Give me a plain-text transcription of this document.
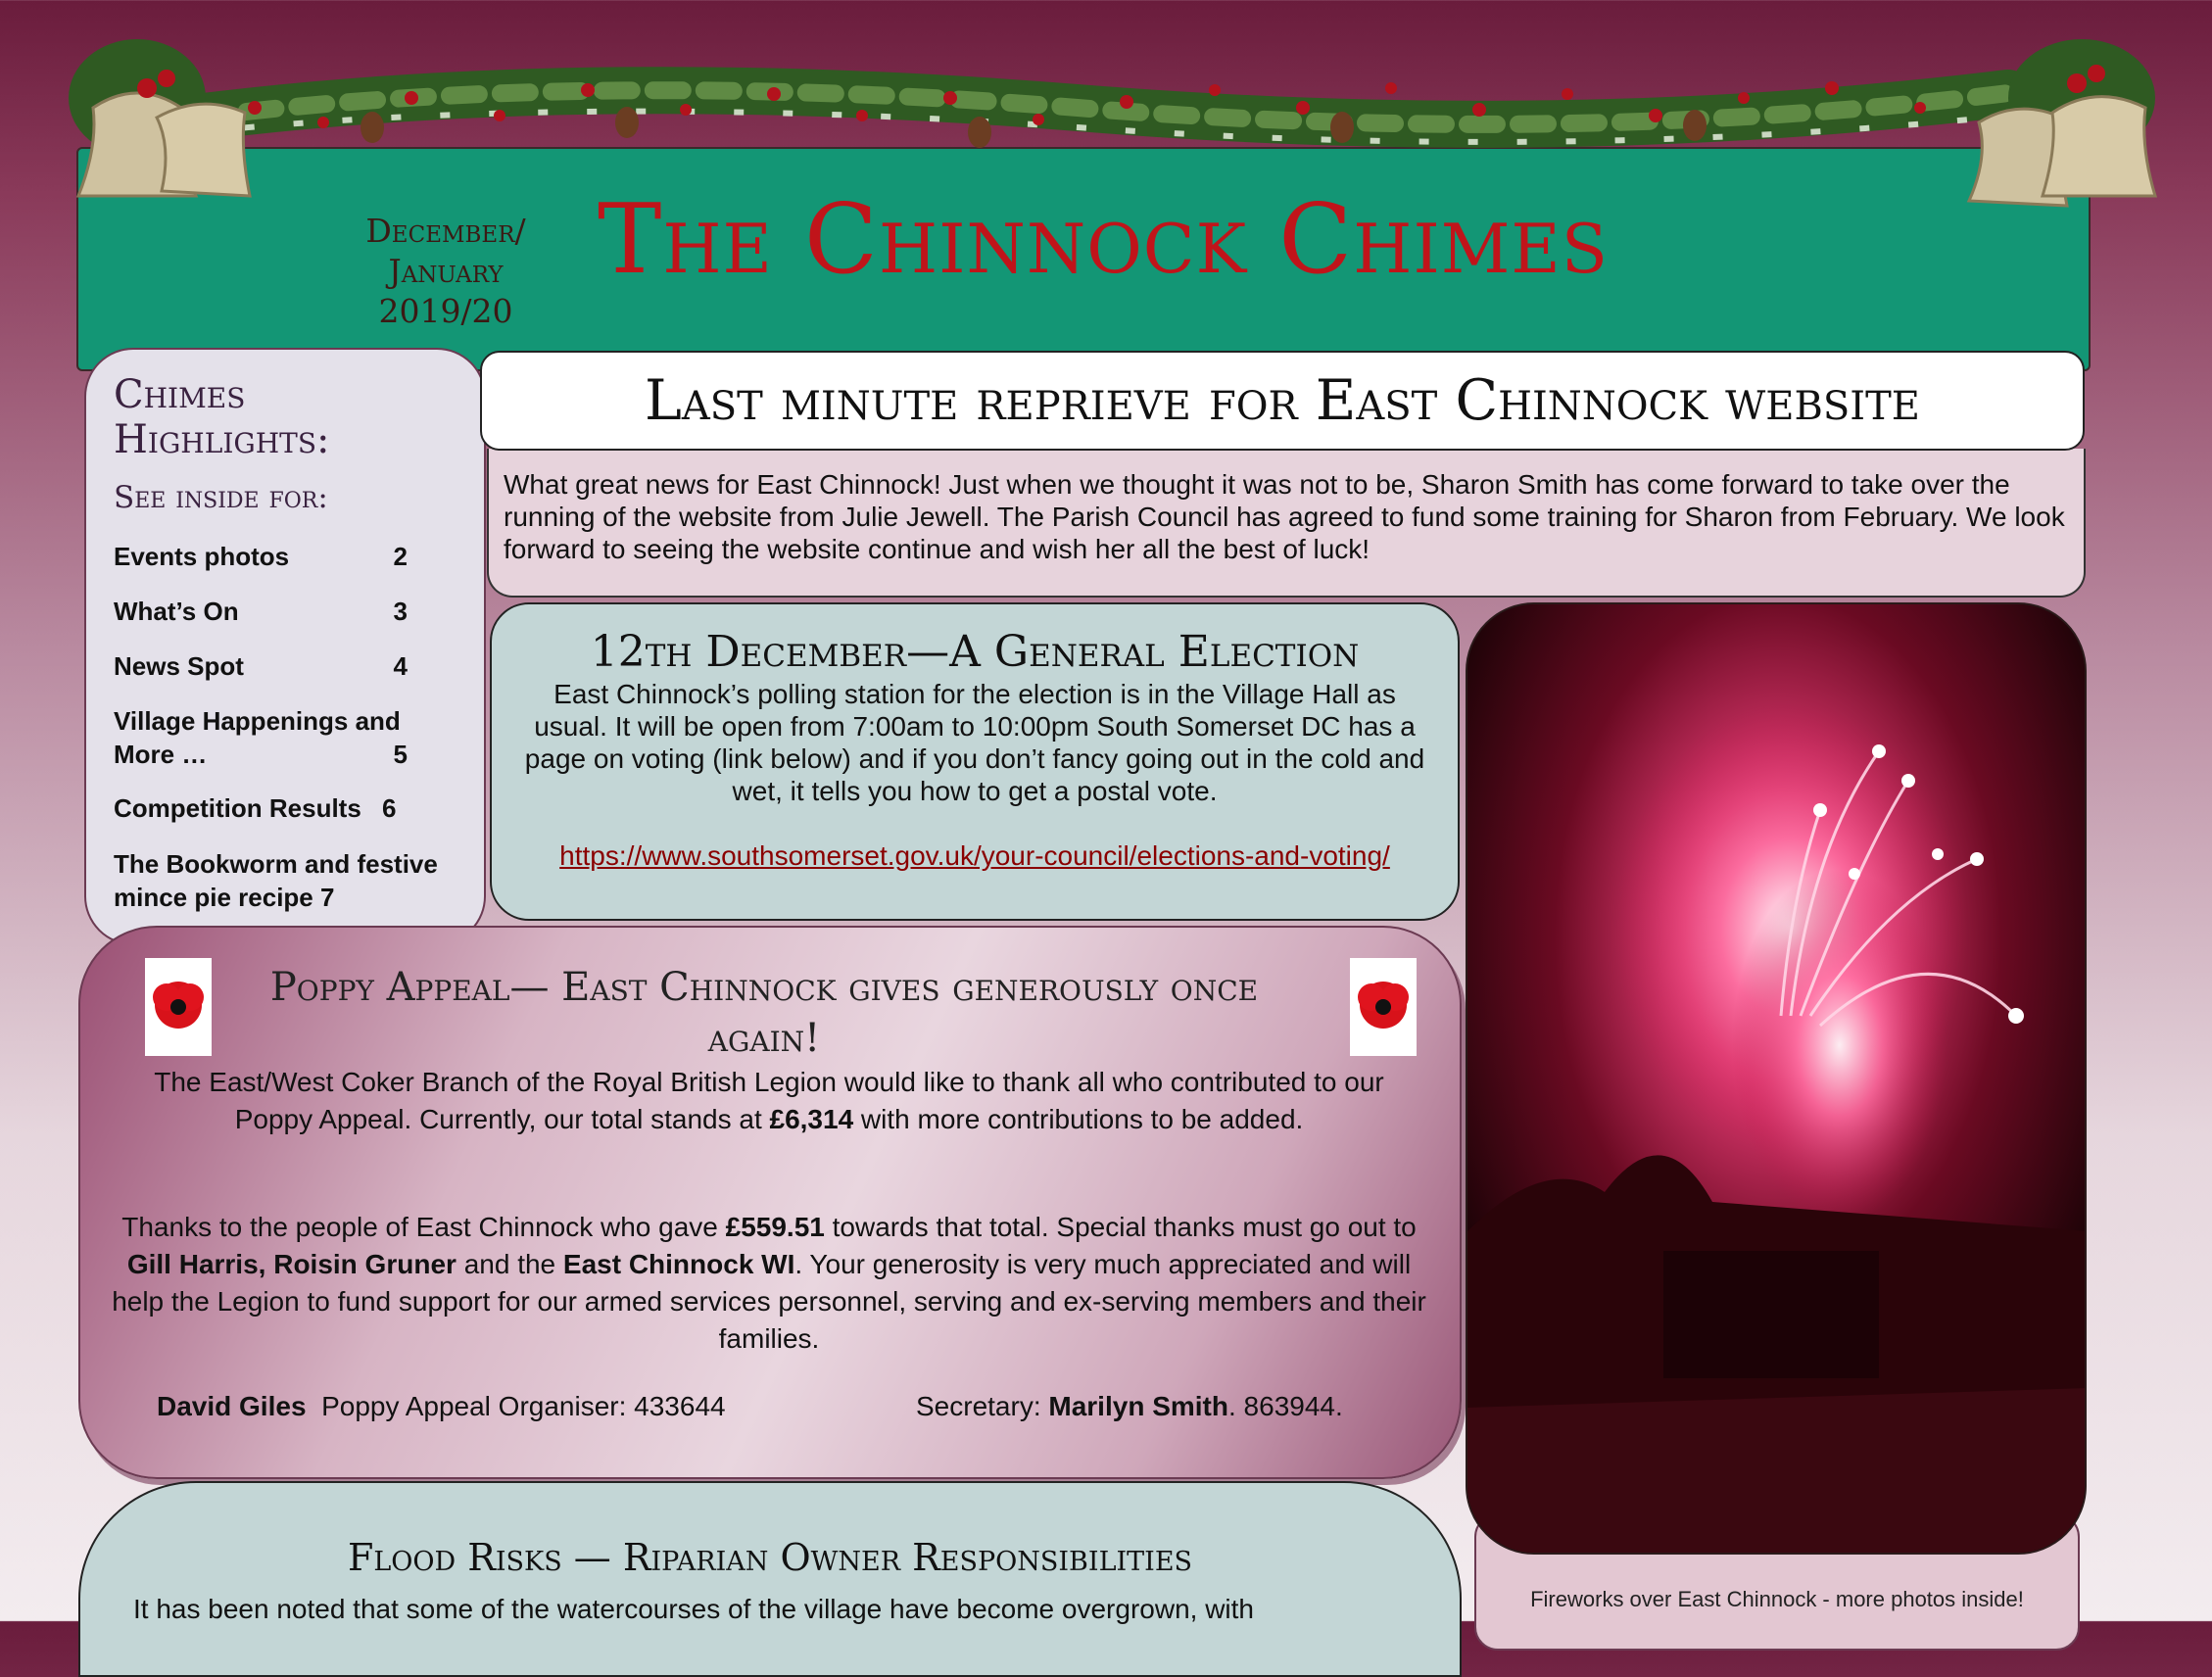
December/
January
2019/20
The Chinnock Chimes
Chimes Highlights:
See inside for:
Events photos	2
What’s On	3
News Spot	4
Village Happenings and More …	5
Competition Results 6
The Bookworm and festive mince pie recipe 7
Last minute reprieve for East Chinnock website
What great news for East Chinnock! Just when we thought it was not to be, Sharon Smith has come forward to take over the running of the website from Julie Jewell. The Parish Council has agreed to fund some training for Sharon from February. We look forward to seeing the website continue and wish her all the best of luck!
12th December—A General Election
East Chinnock’s polling station for the election is in the Village Hall as usual. It will be open from 7:00am to 10:00pm South Somerset DC has a page on voting (link below) and if you don’t fancy going out in the cold and wet, it tells you how to get a postal vote.
https://www.southsomerset.gov.uk/your-council/elections-and-voting/
Fireworks over East Chinnock - more photos inside!
Poppy Appeal— East Chinnock gives generously once again!
The East/West Coker Branch of the Royal British Legion would like to thank all who contributed to our Poppy Appeal. Currently, our total stands at £6,314 with more contributions to be added.
Thanks to the people of East Chinnock who gave £559.51 towards that total. Special thanks must go out to Gill Harris, Roisin Gruner and the East Chinnock WI. Your generosity is very much appreciated and will help the Legion to fund support for our armed services personnel, serving and ex-serving members and their families.
David Giles Poppy Appeal Organiser: 433644	Secretary: Marilyn Smith. 863944.
Flood Risks — Riparian Owner Responsibilities
It has been noted that some of the watercourses of the village have become overgrown, with
